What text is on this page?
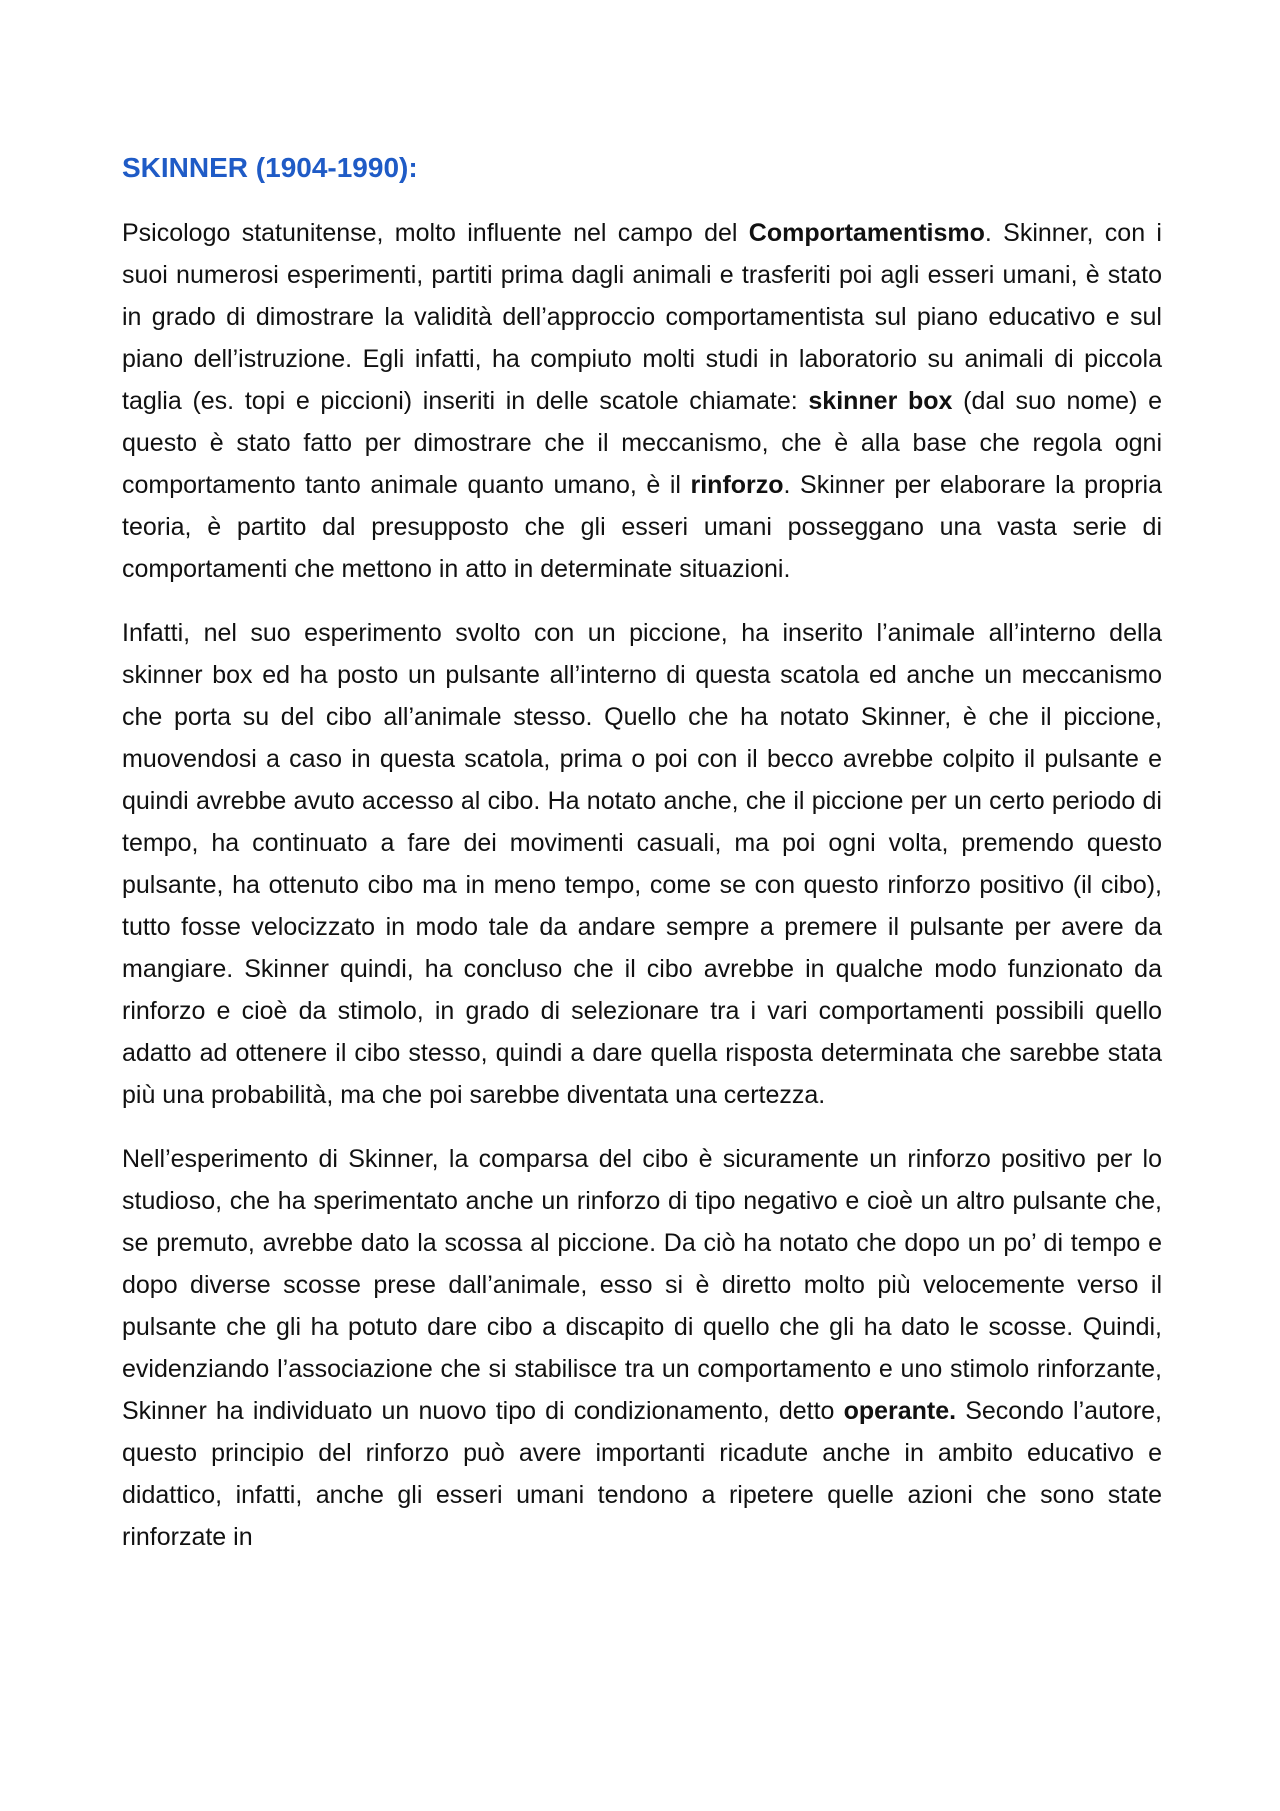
SKINNER (1904-1990):

Psicologo statunitense, molto influente nel campo del Comportamentismo. Skinner, con i suoi numerosi esperimenti, partiti prima dagli animali e trasferiti poi agli esseri umani, è stato in grado di dimostrare la validità dell’approccio comportamentista sul piano educativo e sul piano dell’istruzione. Egli infatti, ha compiuto molti studi in laboratorio su animali di piccola taglia (es. topi e piccioni) inseriti in delle scatole chiamate: skinner box (dal suo nome) e questo è stato fatto per dimostrare che il meccanismo, che è alla base che regola ogni comportamento tanto animale quanto umano, è il rinforzo. Skinner per elaborare la propria teoria, è partito dal presupposto che gli esseri umani posseggano una vasta serie di comportamenti che mettono in atto in determinate situazioni.

Infatti, nel suo esperimento svolto con un piccione, ha inserito l’animale all’interno della skinner box ed ha posto un pulsante all’interno di questa scatola ed anche un meccanismo che porta su del cibo all’animale stesso. Quello che ha notato Skinner, è che il piccione, muovendosi a caso in questa scatola, prima o poi con il becco avrebbe colpito il pulsante e quindi avrebbe avuto accesso al cibo. Ha notato anche, che il piccione per un certo periodo di tempo, ha continuato a fare dei movimenti casuali, ma poi ogni volta, premendo questo pulsante, ha ottenuto cibo ma in meno tempo, come se con questo rinforzo positivo (il cibo), tutto fosse velocizzato in modo tale da andare sempre a premere il pulsante per avere da mangiare. Skinner quindi, ha concluso che il cibo avrebbe in qualche modo funzionato da rinforzo e cioè da stimolo, in grado di selezionare tra i vari comportamenti possibili quello adatto ad ottenere il cibo stesso, quindi a dare quella risposta determinata che sarebbe stata più una probabilità, ma che poi sarebbe diventata una certezza.

Nell’esperimento di Skinner, la comparsa del cibo è sicuramente un rinforzo positivo per lo studioso, che ha sperimentato anche un rinforzo di tipo negativo e cioè un altro pulsante che, se premuto, avrebbe dato la scossa al piccione. Da ciò ha notato che dopo un po’ di tempo e dopo diverse scosse prese dall’animale, esso si è diretto molto più velocemente verso il pulsante che gli ha potuto dare cibo a discapito di quello che gli ha dato le scosse. Quindi, evidenziando l’associazione che si stabilisce tra un comportamento e uno stimolo rinforzante, Skinner ha individuato un nuovo tipo di condizionamento, detto operante. Secondo l’autore, questo principio del rinforzo può avere importanti ricadute anche in ambito educativo e didattico, infatti, anche gli esseri umani tendono a ripetere quelle azioni che sono state rinforzate in
